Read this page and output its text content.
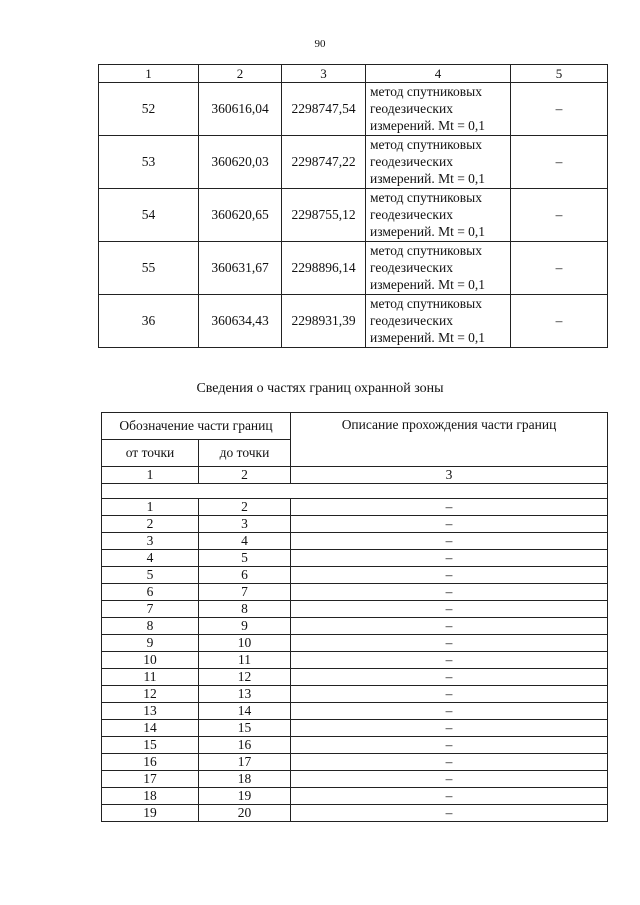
90
1	2	3	4	5
52	360616,04	2298747,54	метод спутниковых
геодезических
измерений. Mt = 0,1	–
53	360620,03	2298747,22	метод спутниковых
геодезических
измерений. Mt = 0,1	–
54	360620,65	2298755,12	метод спутниковых
геодезических
измерений. Mt = 0,1	–
55	360631,67	2298896,14	метод спутниковых
геодезических
измерений. Mt = 0,1	–
36	360634,43	2298931,39	метод спутниковых
геодезических
измерений. Mt = 0,1	–
Сведения о частях границ охранной зоны
Обозначение части границ		Описание прохождения части границ
от точки	до точки	
1	2	3

1	2	–
2	3	–
3	4	–
4	5	–
5	6	–
6	7	–
7	8	–
8	9	–
9	10	–
10	11	–
11	12	–
12	13	–
13	14	–
14	15	–
15	16	–
16	17	–
17	18	–
18	19	–
19	20	–
